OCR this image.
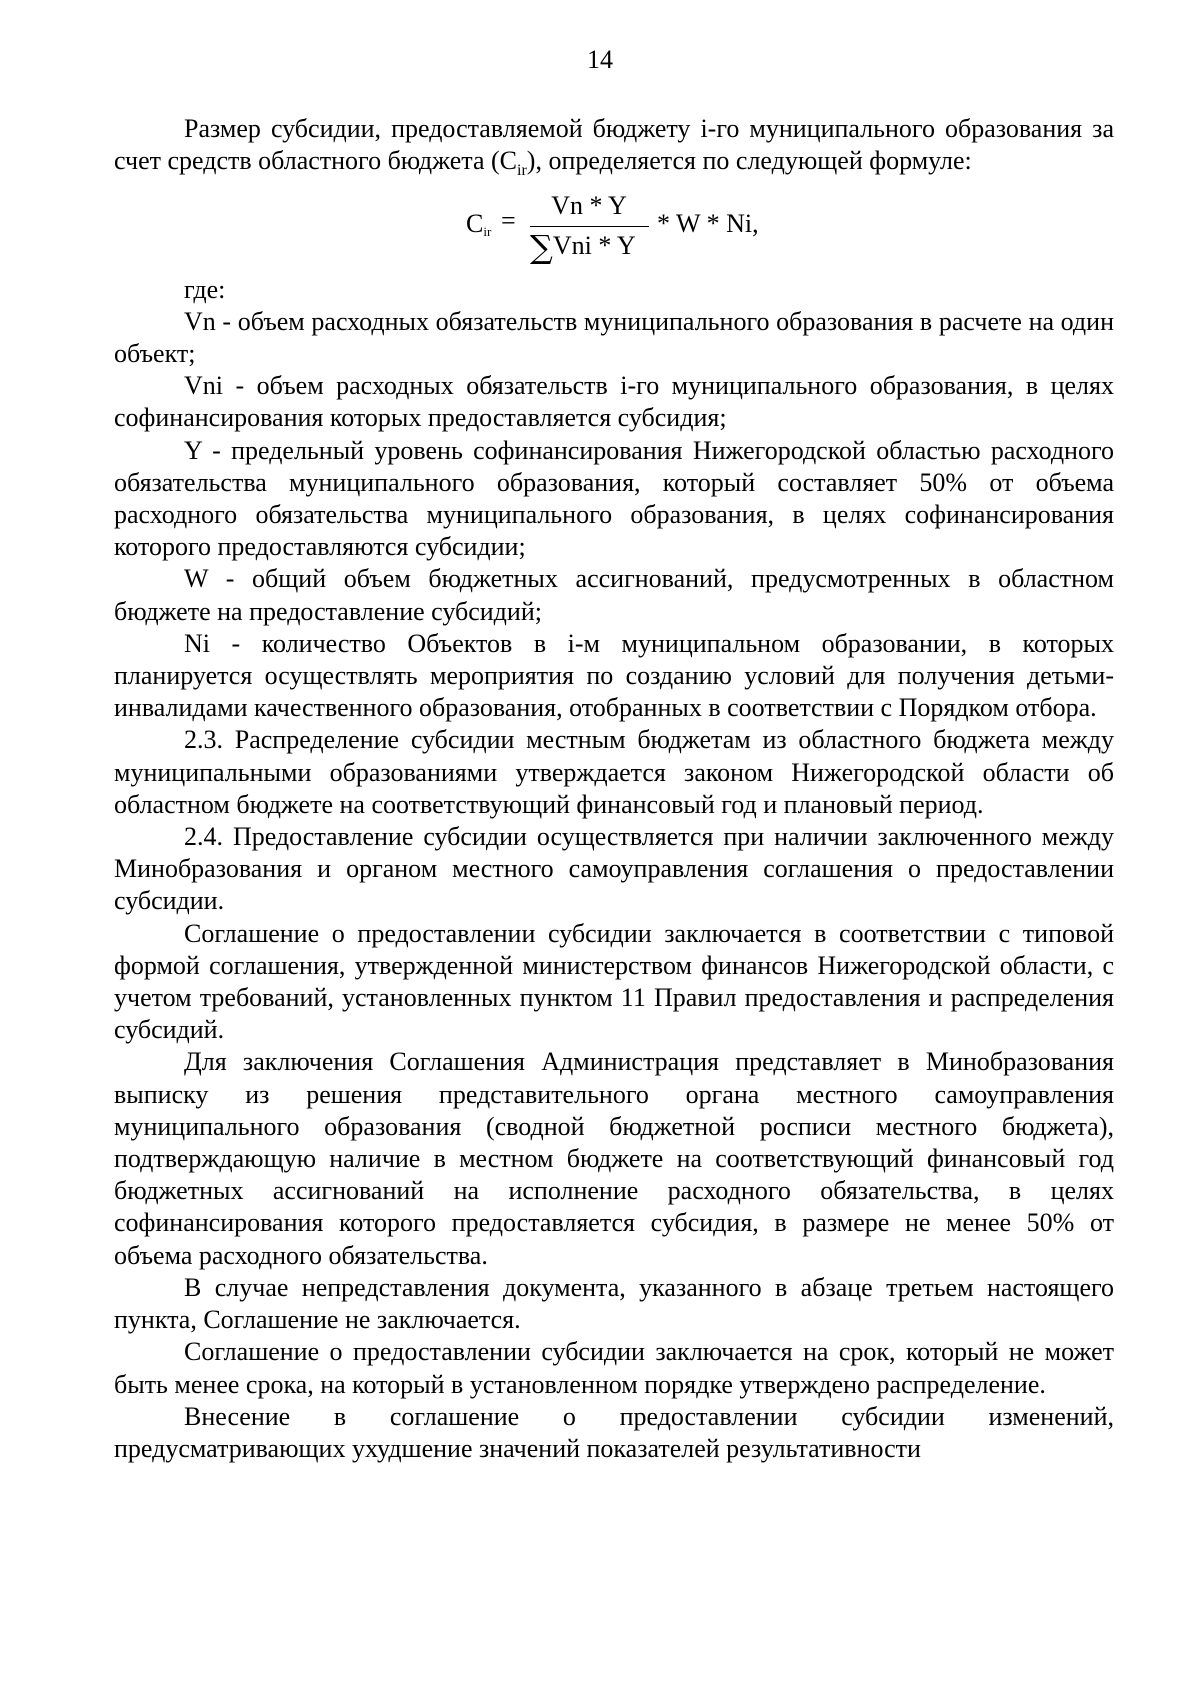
14

Размер субсидии, предоставляемой бюджету i-го муниципального образования за счет средств областного бюджета $(C_{ir})$, определяется по следующей формуле:

$C_{ir}$ =
Vn * Y
∑Vni * Y
* W * Ni,

где:

Vn - объем расходных обязательств муниципального образования в расчете на один объект;

Vni - объем расходных обязательств i-го муниципального образования, в целях софинансирования которых предоставляется субсидия;

Y - предельный уровень софинансирования Нижегородской областью расходного обязательства муниципального образования, который составляет 50% от объема расходного обязательства муниципального образования, в целях софинансирования которого предоставляются субсидии;

W - общий объем бюджетных ассигнований, предусмотренных в областном бюджете на предоставление субсидий;

Ni - количество Объектов в i-м муниципальном образовании, в которых планируется осуществлять мероприятия по созданию условий для получения детьми-инвалидами качественного образования, отобранных в соответствии с Порядком отбора.

2.3. Распределение субсидии местным бюджетам из областного бюджета между муниципальными образованиями утверждается законом Нижегородской области об областном бюджете на соответствующий финансовый год и плановый период.

2.4. Предоставление субсидии осуществляется при наличии заключенного между Минобразования и органом местного самоуправления соглашения о предоставлении субсидии.

Соглашение о предоставлении субсидии заключается в соответствии с типовой формой соглашения, утвержденной министерством финансов Нижегородской области, с учетом требований, установленных пунктом 11 Правил предоставления и распределения субсидий.

Для заключения Соглашения Администрация представляет в Минобразования выписку из решения представительного органа местного самоуправления муниципального образования (сводной бюджетной росписи местного бюджета), подтверждающую наличие в местном бюджете на соответствующий финансовый год бюджетных ассигнований на исполнение расходного обязательства, в целях софинансирования которого предоставляется субсидия, в размере не менее 50% от объема расходного обязательства.

В случае непредставления документа, указанного в абзаце третьем настоящего пункта, Соглашение не заключается.

Соглашение о предоставлении субсидии заключается на срок, который не может быть менее срока, на который в установленном порядке утверждено распределение.

Внесение в соглашение о предоставлении субсидии изменений, предусматривающих ухудшение значений показателей результативности
